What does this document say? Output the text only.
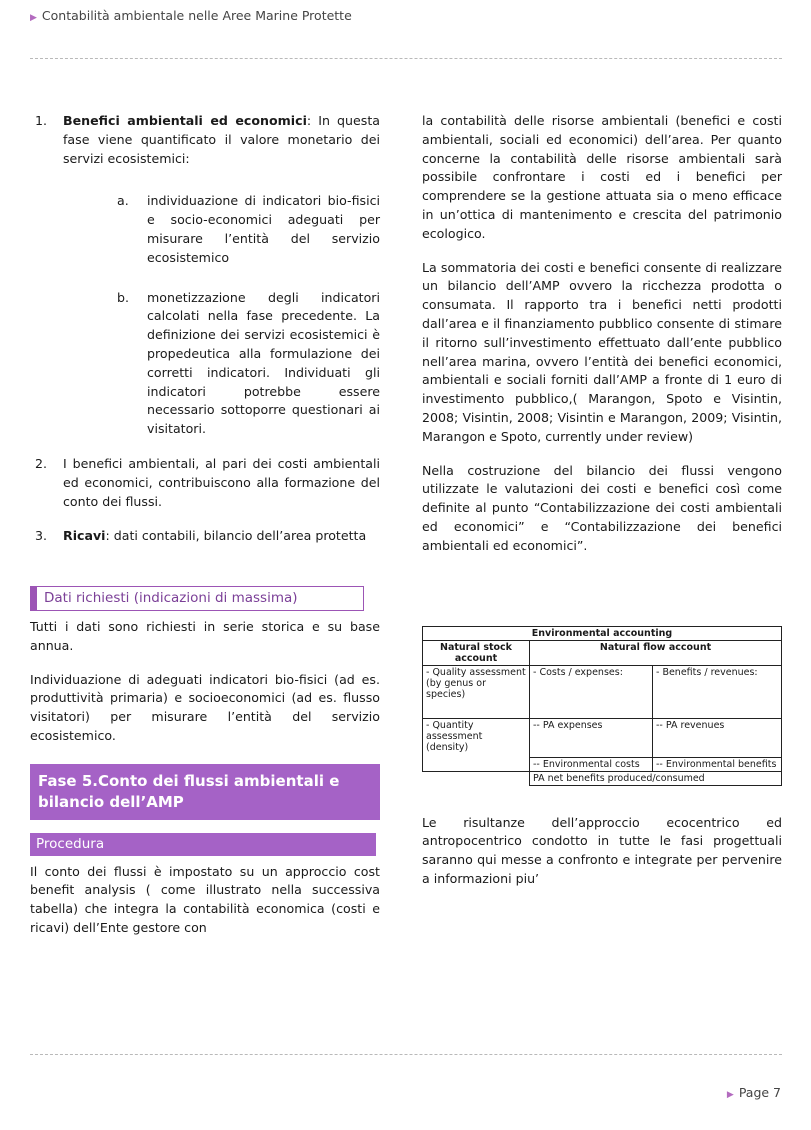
▶ Contabilità ambientale nelle Aree Marine Protette
1. Benefici ambientali ed economici: In questa fase viene quantificato il valore monetario dei servizi ecosistemici:
a. individuazione di indicatori bio-fisici e socio-economici adeguati per misurare l’entità del servizio ecosistemico
b. monetizzazione degli indicatori calcolati nella fase precedente. La definizione dei servizi ecosistemici è propedeutica alla formulazione dei corretti indicatori. Individuati gli indicatori potrebbe essere necessario sottoporre questionari ai visitatori.
2. I benefici ambientali, al pari dei costi ambientali ed economici, contribuiscono alla formazione del conto dei flussi.
3. Ricavi: dati contabili, bilancio dell’area protetta
Dati richiesti (indicazioni di massima)

Tutti i dati sono richiesti in serie storica e su base annua.

Individuazione di adeguati indicatori bio-fisici (ad es. produttività primaria) e socioeconomici (ad es. flusso visitatori) per misurare l’entità del servizio ecosistemico.

Fase 5.Conto dei flussi ambientali e bilancio dell’AMP
Procedura

Il conto dei flussi è impostato su un approccio cost benefit analysis ( come illustrato nella successiva tabella) che integra la contabilità economica (costi e ricavi) dell’Ente gestore con

la contabilità delle risorse ambientali (benefici e costi ambientali, sociali ed economici) dell’area. Per quanto concerne la contabilità delle risorse ambientali sarà possibile confrontare i costi ed i benefici per comprendere se la gestione attuata sia o meno efficace in un’ottica di mantenimento e crescita del patrimonio ecologico.

La sommatoria dei costi e benefici consente di realizzare un bilancio dell’AMP ovvero la ricchezza prodotta o consumata. Il rapporto tra i benefici netti prodotti dall’area e il finanziamento pubblico consente di stimare il ritorno sull’investimento effettuato dall’ente pubblico nell’area marina, ovvero l’entità dei benefici economici, ambientali e sociali forniti dall’AMP a fronte di 1 euro di investimento pubblico,( Marangon, Spoto e Visintin, 2008; Visintin, 2008; Visintin e Marangon, 2009; Visintin, Marangon e Spoto, currently under review)

Nella costruzione del bilancio dei flussi vengono utilizzate le valutazioni dei costi e benefici così come definite al punto “Contabilizzazione dei costi ambientali ed economici” e “Contabilizzazione dei benefici ambientali ed economici”.

Environmental accounting		
Natural stock account	Natural flow account	
- Quality assessment (by genus or species)	- Costs / expenses:	- Benefits / revenues:
- Quantity assessment (density)	-- PA expenses	-- PA revenues
	-- Environmental costs	-- Environmental benefits
	PA net benefits produced/consumed	

Le risultanze dell’approccio ecocentrico ed antropocentrico condotto in tutte le fasi progettuali saranno qui messe a confronto e integrate per pervenire a informazioni piu’

▶ Page 7
